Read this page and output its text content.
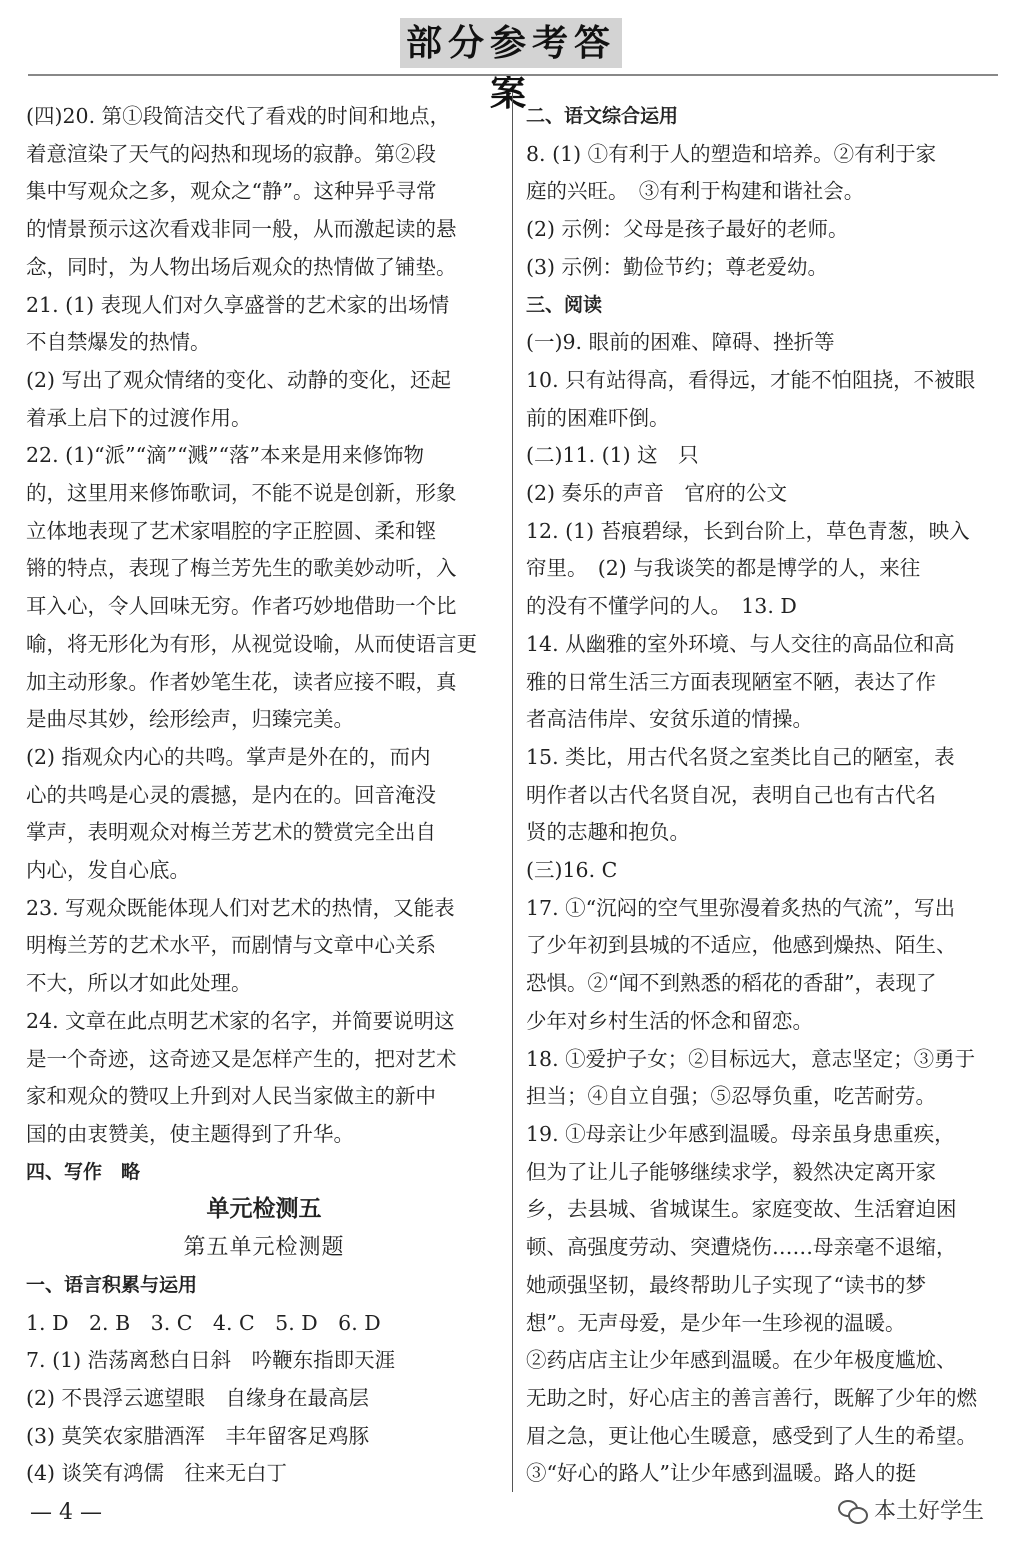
部分参考答案

(四)20. 第①段简洁交代了看戏的时间和地点，

着意渲染了天气的闷热和现场的寂静。第②段

集中写观众之多，观众之“静”。这种异乎寻常

的情景预示这次看戏非同一般，从而激起读的悬

念，同时，为人物出场后观众的热情做了铺垫。

21. (1) 表现人们对久享盛誉的艺术家的出场情

不自禁爆发的热情。

(2) 写出了观众情绪的变化、动静的变化，还起

着承上启下的过渡作用。

22. (1)“派”“滴”“溅”“落”本来是用来修饰物

的，这里用来修饰歌词，不能不说是创新，形象

立体地表现了艺术家唱腔的字正腔圆、柔和铿

锵的特点，表现了梅兰芳先生的歌美妙动听，入

耳入心，令人回味无穷。作者巧妙地借助一个比

喻，将无形化为有形，从视觉设喻，从而使语言更

加主动形象。作者妙笔生花，读者应接不暇，真

是曲尽其妙，绘形绘声，归臻完美。

(2) 指观众内心的共鸣。掌声是外在的，而内

心的共鸣是心灵的震撼，是内在的。回音淹没

掌声，表明观众对梅兰芳艺术的赞赏完全出自

内心，发自心底。

23. 写观众既能体现人们对艺术的热情，又能表

明梅兰芳的艺术水平，而剧情与文章中心关系

不大，所以才如此处理。

24. 文章在此点明艺术家的名字，并简要说明这

是一个奇迹，这奇迹又是怎样产生的，把对艺术

家和观众的赞叹上升到对人民当家做主的新中

国的由衷赞美，使主题得到了升华。

四、写作　略

单元检测五

第五单元检测题

一、语言积累与运用

1. D　2. B　3. C　4. C　5. D　6. D

7. (1) 浩荡离愁白日斜　吟鞭东指即天涯

(2) 不畏浮云遮望眼　自缘身在最高层

(3) 莫笑农家腊酒浑　丰年留客足鸡豚

(4) 谈笑有鸿儒　往来无白丁

二、语文综合运用

8. (1) ①有利于人的塑造和培养。②有利于家

庭的兴旺。　③有利于构建和谐社会。

(2) 示例：父母是孩子最好的老师。

(3) 示例：勤俭节约；尊老爱幼。

三、阅读

(一)9. 眼前的困难、障碍、挫折等

10. 只有站得高，看得远，才能不怕阻挠，不被眼

前的困难吓倒。

(二)11. (1) 这　只

(2) 奏乐的声音　官府的公文

12. (1) 苔痕碧绿，长到台阶上，草色青葱，映入

帘里。　(2) 与我谈笑的都是博学的人，来往

的没有不懂学问的人。　13. D

14. 从幽雅的室外环境、与人交往的高品位和高

雅的日常生活三方面表现陋室不陋，表达了作

者高洁伟岸、安贫乐道的情操。

15. 类比，用古代名贤之室类比自己的陋室，表

明作者以古代名贤自况，表明自己也有古代名

贤的志趣和抱负。

(三)16. C

17. ①“沉闷的空气里弥漫着炙热的气流”，写出

了少年初到县城的不适应，他感到燥热、陌生、

恐惧。②“闻不到熟悉的稻花的香甜”，表现了

少年对乡村生活的怀念和留恋。

18. ①爱护子女；②目标远大，意志坚定；③勇于

担当；④自立自强；⑤忍辱负重，吃苦耐劳。

19. ①母亲让少年感到温暖。母亲虽身患重疾，

但为了让儿子能够继续求学，毅然决定离开家

乡，去县城、省城谋生。家庭变故、生活窘迫困

顿、高强度劳动、突遭烧伤……母亲毫不退缩，

她顽强坚韧，最终帮助儿子实现了“读书的梦

想”。无声母爱，是少年一生珍视的温暖。

②药店店主让少年感到温暖。在少年极度尴尬、

无助之时，好心店主的善言善行，既解了少年的燃

眉之急，更让他心生暖意，感受到了人生的希望。

③“好心的路人”让少年感到温暖。路人的挺

— 4 —	本土好学生
